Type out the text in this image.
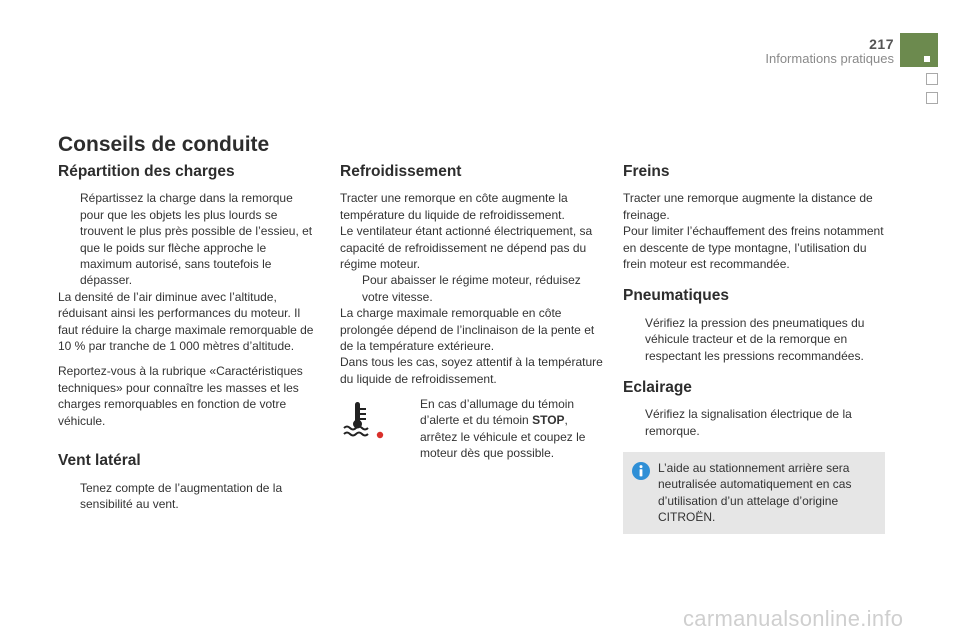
217
Informations pratiques
Conseils de conduite
Répartition des charges
Répartissez la charge dans la remorque pour que les objets les plus lourds se trouvent le plus près possible de l’essieu, et que le poids sur flèche approche le maximum autorisé, sans toutefois le dépasser.

La densité de l’air diminue avec l’altitude, réduisant ainsi les performances du moteur. Il faut réduire la charge maximale remorquable de 10 % par tranche de 1 000 mètres d’altitude.

Reportez-vous à la rubrique «Caractéristiques techniques» pour connaître les masses et les charges remorquables en fonction de votre véhicule.

Vent latéral
Tenez compte de l’augmentation de la sensibilité au vent.
Refroidissement

Tracter une remorque en côte augmente la température du liquide de refroidissement.

Le ventilateur étant actionné électriquement, sa capacité de refroidissement ne dépend pas du régime moteur.

Pour abaisser le régime moteur, réduisez votre vitesse.

La charge maximale remorquable en côte prolongée dépend de l’inclinaison de la pente et de la température extérieure.

Dans tous les cas, soyez attentif à la température du liquide de refroidissement.

En cas d’allumage du témoin d’alerte et du témoin STOP, arrêtez le véhicule et coupez le moteur dès que possible.
Freins

Tracter une remorque augmente la distance de freinage.

Pour limiter l’échauffement des freins notamment en descente de type montagne, l’utilisation du frein moteur est recommandée.

Pneumatiques
Vérifiez la pression des pneumatiques du véhicule tracteur et de la remorque en respectant les pressions recommandées.
Eclairage
Vérifiez la signalisation électrique de la remorque.
L’aide au stationnement arrière sera neutralisée automatiquement en cas d’utilisation d’un attelage d’origine CITROËN.
carmanualsonline.info
